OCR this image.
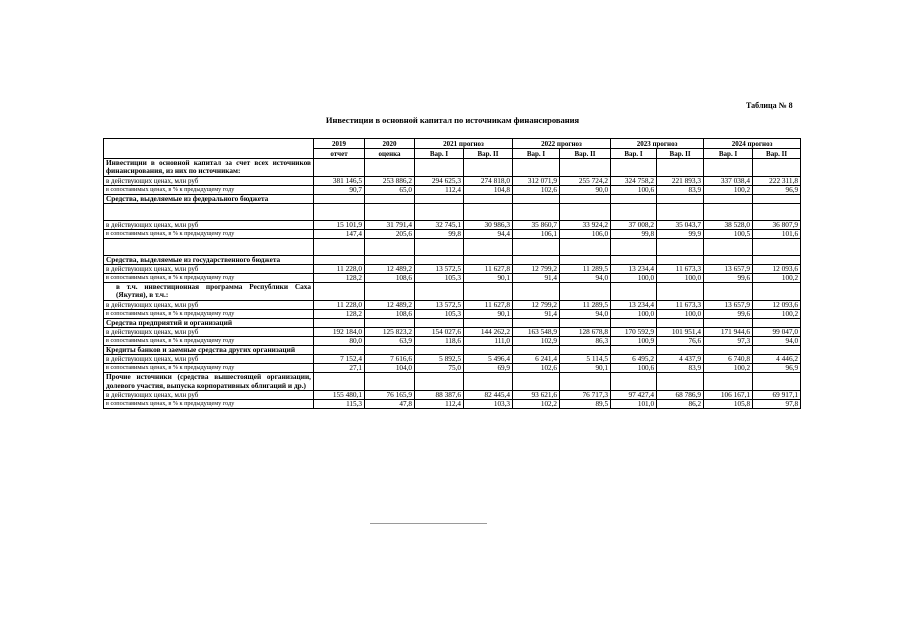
Таблица № 8
Инвестиции в основной капитал по источникам финансирования
	2019	2020	2021 прогноз		2022 прогноз		2023 прогноз		2024 прогноз	
	отчет	оценка	Вар. I	Вар. II	Вар. I	Вар. II	Вар. I	Вар. II	Вар. I	Вар. II
Инвестиции в основной капитал за счет всех источников финансирования, из них по источникам:										
в действующих ценах, млн руб	381 146,5	253 886,2	294 625,3	274 818,0	312 071,9	255 724,2	324 758,2	221 893,3	337 038,4	222 311,8
в сопоставимых ценах, в % к предыдущему году	90,7	65,0	112,4	104,8	102,6	90,0	100,6	83,9	100,2	96,9
Средства, выделяемые из федерального бюджета										

в действующих ценах, млн руб	15 101,9	31 791,4	32 745,1	30 986,3	35 860,7	33 924,2	37 008,2	35 043,7	38 528,0	36 807,9
в сопоставимых ценах, в % к предыдущему году	147,4	205,6	99,8	94,4	106,1	106,0	99,8	99,9	100,5	101,6

Средства, выделяемые из государственного бюджета										
в действующих ценах, млн руб	11 228,0	12 489,2	13 572,5	11 627,8	12 799,2	11 289,5	13 234,4	11 673,3	13 657,9	12 093,6
в сопоставимых ценах, в % к предыдущему году	128,2	108,6	105,3	90,1	91,4	94,0	100,0	100,0	99,6	100,2
в т.ч. инвестиционная программа Республики Саха (Якутия), в т.ч.:										
в действующих ценах, млн руб	11 228,0	12 489,2	13 572,5	11 627,8	12 799,2	11 289,5	13 234,4	11 673,3	13 657,9	12 093,6
в сопоставимых ценах, в % к предыдущему году	128,2	108,6	105,3	90,1	91,4	94,0	100,0	100,0	99,6	100,2
Средства предприятий и организаций										
в действующих ценах, млн руб	192 184,0	125 823,2	154 027,6	144 262,2	163 548,9	128 678,8	170 592,9	101 951,4	171 944,6	99 047,0
в сопоставимых ценах, в % к предыдущему году	80,0	63,9	118,6	111,0	102,9	86,3	100,9	76,6	97,3	94,0
Кредиты банков и заемные средства других организаций										
в действующих ценах, млн руб	7 152,4	7 616,6	5 892,5	5 496,4	6 241,4	5 114,5	6 495,2	4 437,9	6 740,8	4 446,2
в сопоставимых ценах, в % к предыдущему году	27,1	104,0	75,0	69,9	102,6	90,1	100,6	83,9	100,2	96,9
Прочие источники (средства вышестоящей организации, долевого участия, выпуска корпоративных облигаций и др.)										
в действующих ценах, млн руб	155 480,1	76 165,9	88 387,6	82 445,4	93 621,6	76 717,3	97 427,4	68 786,9	106 167,1	69 917,1
в сопоставимых ценах, в % к предыдущему году	115,3	47,8	112,4	103,3	102,2	89,5	101,0	86,2	105,8	97,8
